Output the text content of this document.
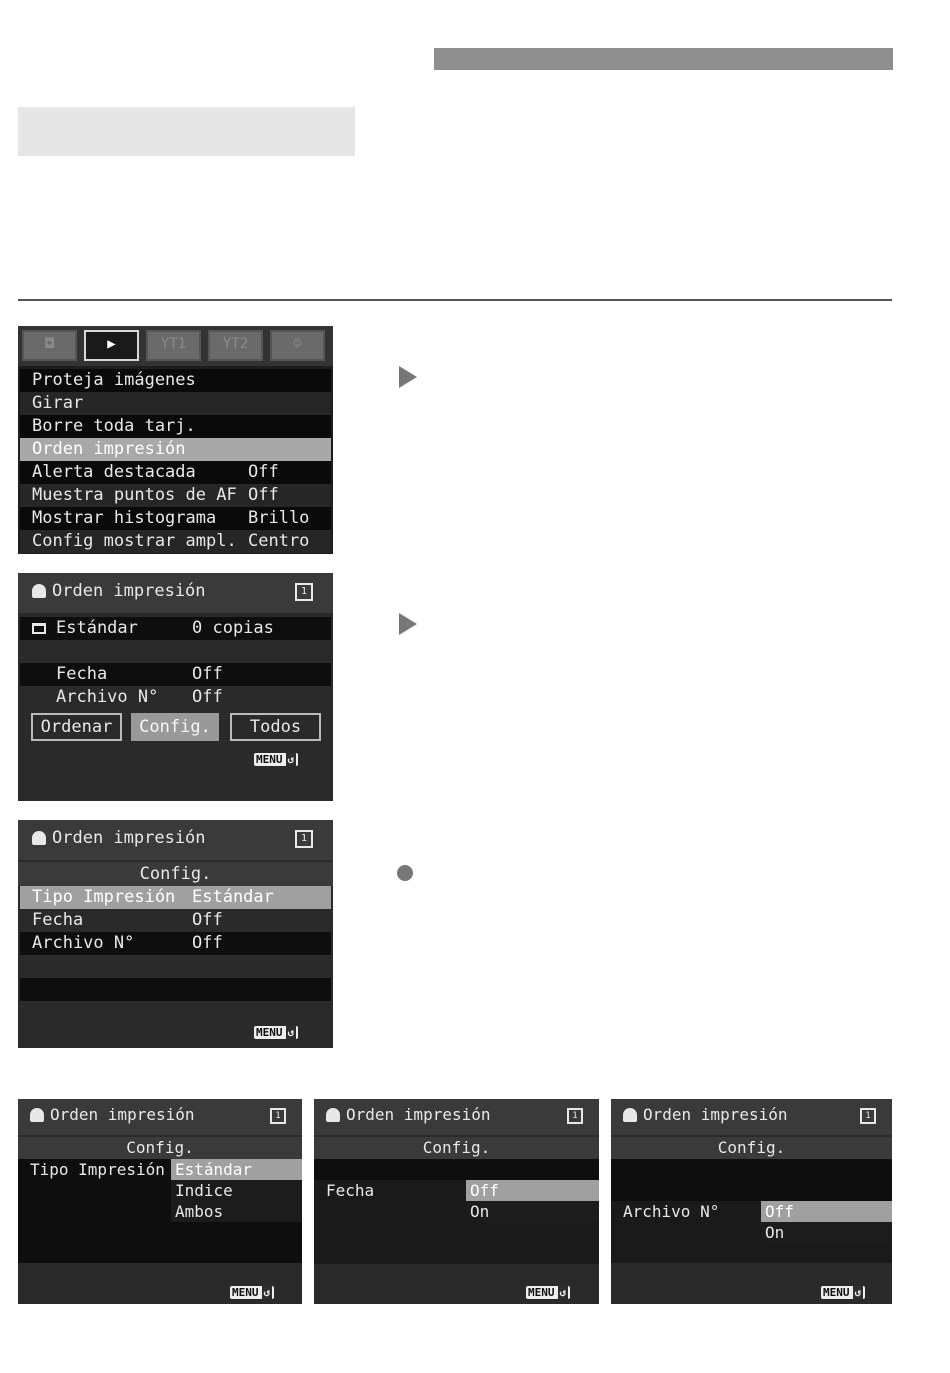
◘	▶	YT1	YT2	☺
Proteja imágenes
Girar
Borre toda tarj.
Orden impresión
Alerta destacada	Off
Muestra puntos de AF Off
Mostrar histograma Brillo
Config mostrar ampl. Centro
Orden impresión	1
Estándar	0 copias
Fecha	Off
Archivo N° Off
Ordenar	Config.	Todos
MENU ↺
Orden impresión	1
Config.
Tipo Impresión Estándar
Fecha	Off
Archivo N°	Off
MENU ↺
Orden impresión	1
Config.
Tipo Impresión Estándar
Indice
Ambos
MENU ↺
Orden impresión	1
Config.
Fecha	Off
On
MENU ↺
Orden impresión	1
Config.
Archivo N°	Off
On
MENU ↺
